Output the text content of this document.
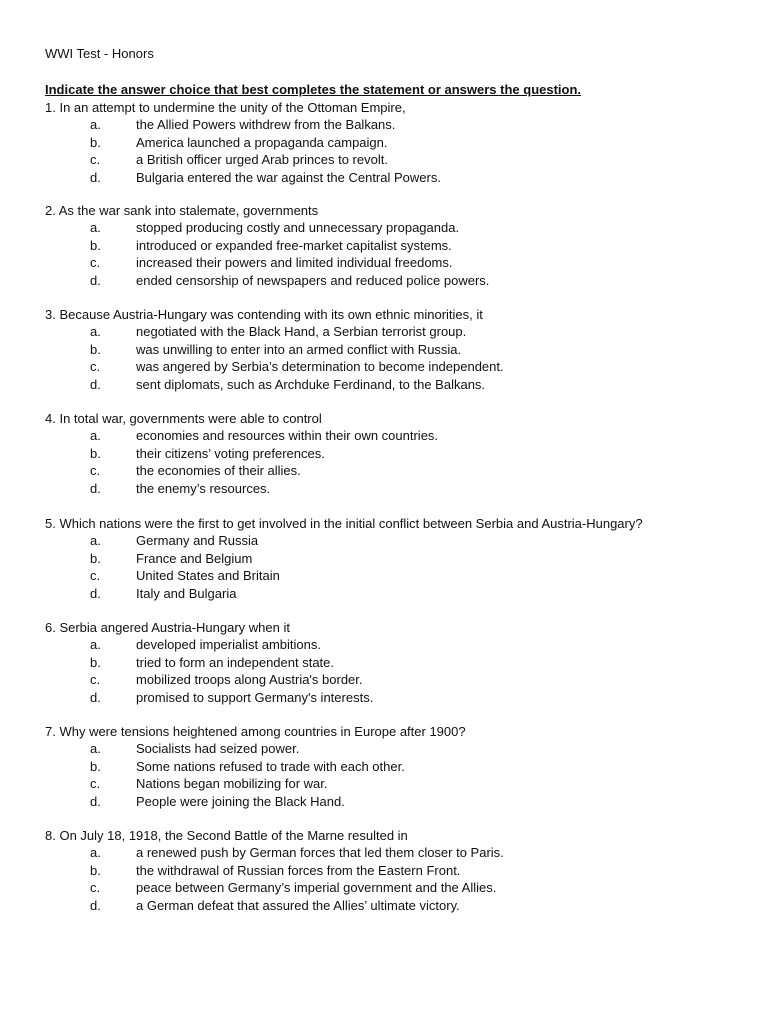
WWI Test - Honors
Indicate the answer choice that best completes the statement or answers the question.
1. In an attempt to undermine the unity of the Ottoman Empire,
a.	the Allied Powers withdrew from the Balkans.
b.	America launched a propaganda campaign.
c.	a British officer urged Arab princes to revolt.
d.	Bulgaria entered the war against the Central Powers.
2. As the war sank into stalemate, governments
a.	stopped producing costly and unnecessary propaganda.
b.	introduced or expanded free-market capitalist systems.
c.	increased their powers and limited individual freedoms.
d.	ended censorship of newspapers and reduced police powers.
3. Because Austria-Hungary was contending with its own ethnic minorities, it
a.	negotiated with the Black Hand, a Serbian terrorist group.
b.	was unwilling to enter into an armed conflict with Russia.
c.	was angered by Serbia’s determination to become independent.
d.	sent diplomats, such as Archduke Ferdinand, to the Balkans.
4. In total war, governments were able to control
a.	economies and resources within their own countries.
b.	their citizens’ voting preferences.
c.	the economies of their allies.
d.	the enemy’s resources.
5. Which nations were the first to get involved in the initial conflict between Serbia and Austria-Hungary?
a.	Germany and Russia
b.	France and Belgium
c.	United States and Britain
d.	Italy and Bulgaria
6. Serbia angered Austria-Hungary when it
a.	developed imperialist ambitions.
b.	tried to form an independent state.
c.	mobilized troops along Austria's border.
d.	promised to support Germany's interests.
7. Why were tensions heightened among countries in Europe after 1900?
a.	Socialists had seized power.
b.	Some nations refused to trade with each other.
c.	Nations began mobilizing for war.
d.	People were joining the Black Hand.
8. On July 18, 1918, the Second Battle of the Marne resulted in
a.	a renewed push by German forces that led them closer to Paris.
b.	the withdrawal of Russian forces from the Eastern Front.
c.	peace between Germany’s imperial government and the Allies.
d.	a German defeat that assured the Allies’ ultimate victory.
